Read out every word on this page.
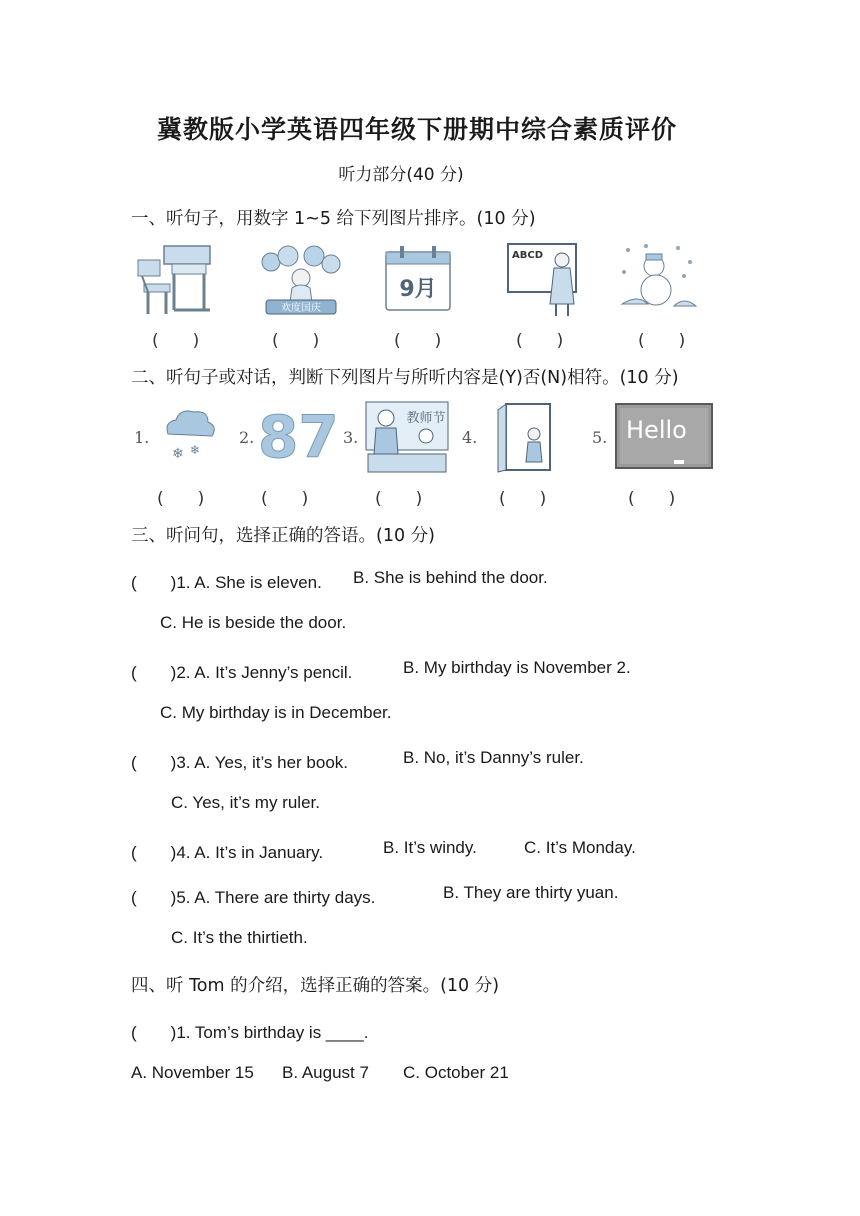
冀教版小学英语四年级下册期中综合素质评价
听力部分(40 分)
一、听句子，用数字 1~5 给下列图片排序。(10 分)
欢度国庆
9月
ABCD
(　　)	(　　)	(　　)	(　　)	(　　)
二、听句子或对话，判断下列图片与所听内容是(Y)否(N)相符。(10 分)
1.
❄ ❄
2. 87 3.
教师节
4.	5. Hello
(　　)	(　　)	(　　)	(　　)	(　　)
三、听问句，选择正确的答语。(10 分)
(　　)1. A. She is eleven. B. She is behind the door.
C. He is beside the door.
(　　)2. A. It’s Jenny’s pencil.	B. My birthday is November 2.
C. My birthday is in December.
(　　)3. A. Yes, it’s her book.	B. No, it’s Danny’s ruler.
C. Yes, it’s my ruler.
(　　)4. A. It’s in January.	B. It’s windy.	C. It’s Monday.
(　　)5. A. There are thirty days.	B. They are thirty yuan.
C. It’s the thirtieth.
四、听 Tom 的介绍，选择正确的答案。(10 分)
(　　)1. Tom’s birthday is ____.
A. November 15 B. August 7 C. October 21
